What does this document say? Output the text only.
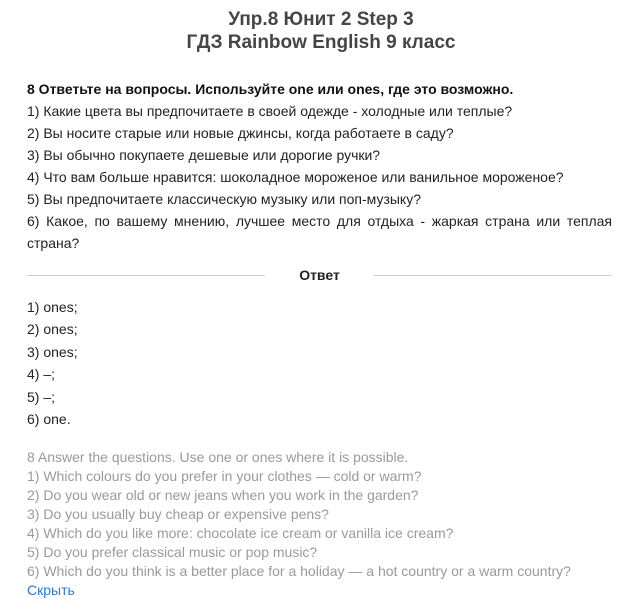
Упр.8 Юнит 2 Step 3
ГДЗ Rainbow English 9 класс
8 Ответьте на вопросы. Используйте one или ones, где это возможно.
1) Какие цвета вы предпочитаете в своей одежде - холодные или теплые?
2) Вы носите старые или новые джинсы, когда работаете в саду?
3) Вы обычно покупаете дешевые или дорогие ручки?
4) Что вам больше нравится: шоколадное мороженое или ванильное мороженое?
5) Вы предпочитаете классическую музыку или поп-музыку?
6) Какое, по вашему мнению, лучшее место для отдыха - жаркая страна или теплая страна?
Ответ
1) ones;
2) ones;
3) ones;
4) –;
5) –;
6) one.
8 Answer the questions. Use one or ones where it is possible.
1) Which colours do you prefer in your clothes — cold or warm?
2) Do you wear old or new jeans when you work in the garden?
3) Do you usually buy cheap or expensive pens?
4) Which do you like more: chocolate ice cream or vanilla ice cream?
5) Do you prefer classical music or pop music?
6) Which do you think is a better place for a holiday — a hot country or a warm country?
Скрыть
